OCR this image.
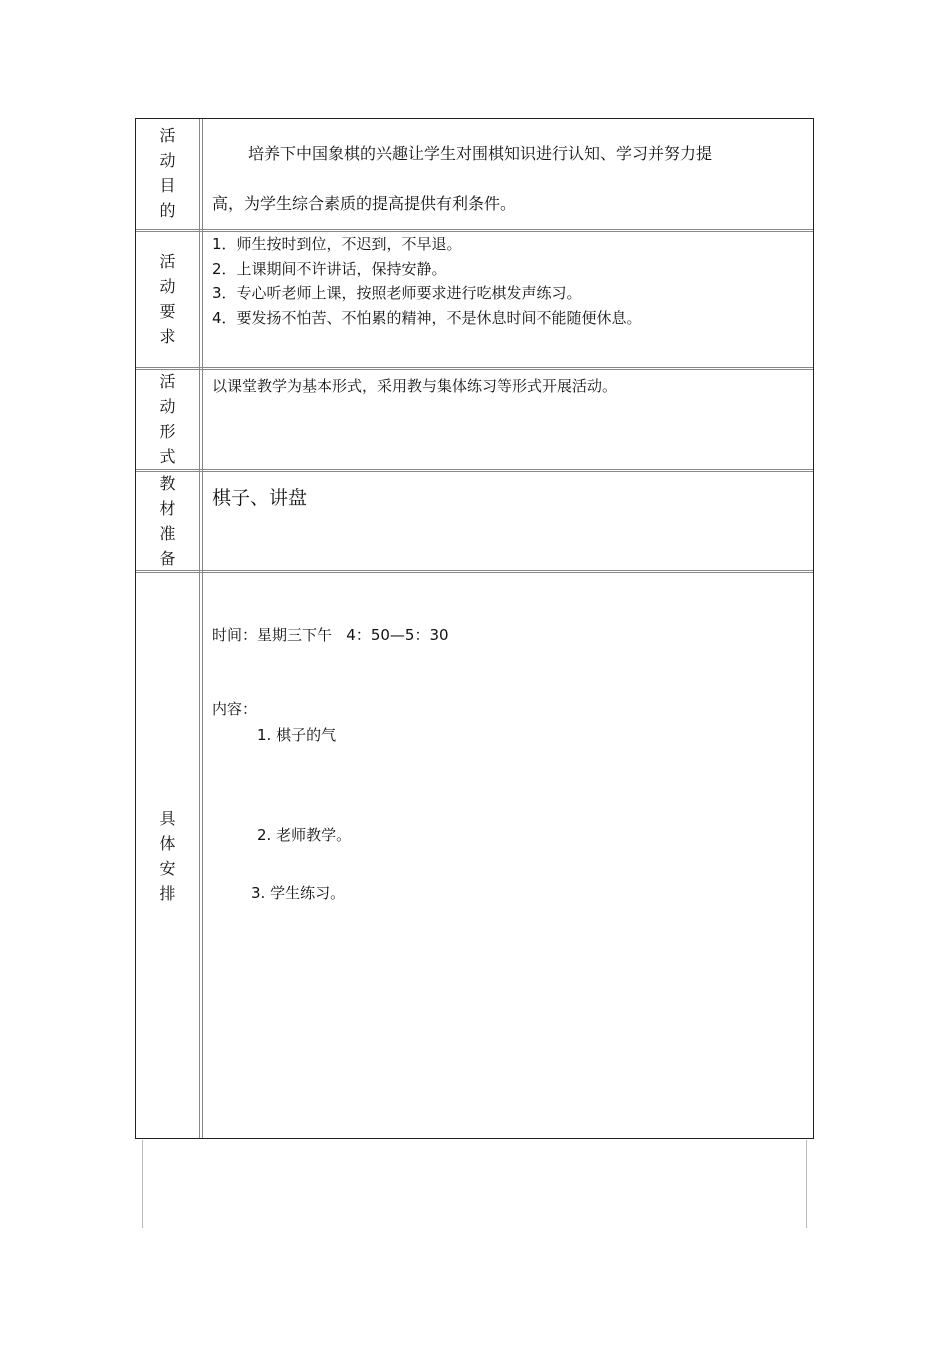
活
动
目
的
培养下中国象棋的兴趣让学生对围棋知识进行认知、学习并努力提
高，为学生综合素质的提高提供有利条件。
活
动
要
求
1．师生按时到位，不迟到，不早退。
2．上课期间不许讲话，保持安静。
3．专心听老师上课，按照老师要求进行吃棋发声练习。
4．要发扬不怕苦、不怕累的精神，不是休息时间不能随便休息。
活
动
形
式
以课堂教学为基本形式，采用教与集体练习等形式开展活动。
教
材
准
备
棋子、讲盘
具
体
安
排
时间：星期三下午   4：50—5：30
内容：
1. 棋子的气
2. 老师教学。
3. 学生练习。
